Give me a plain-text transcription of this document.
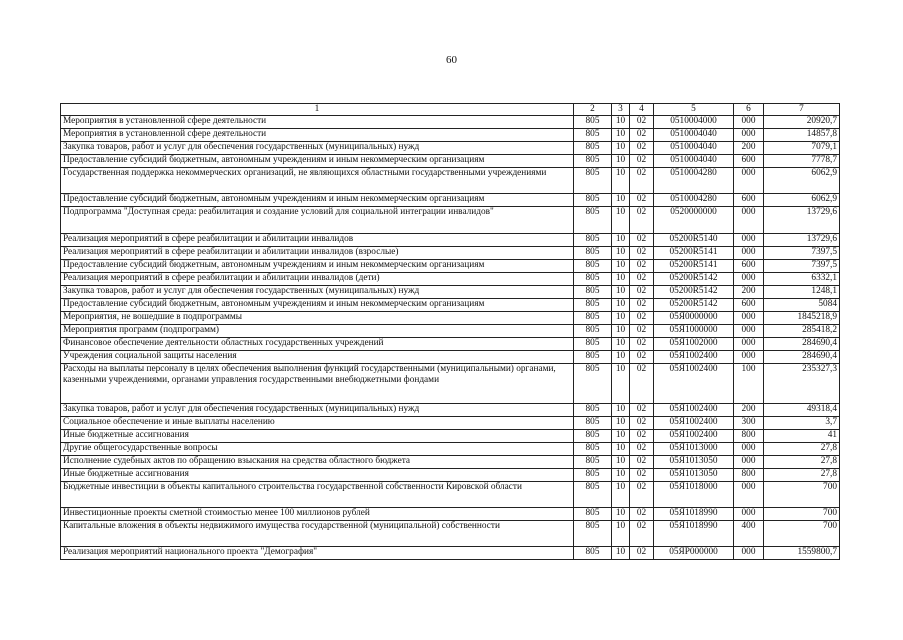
60
1	2	3	4	5	6	7
Мероприятия в установленной сфере деятельности	805	10	02	0510004000	000	20920,7
Мероприятия в установленной сфере деятельности	805	10	02	0510004040	000	14857,8
Закупка товаров, работ и услуг для обеспечения государственных (муниципальных) нужд	805	10	02	0510004040	200	7079,1
Предоставление субсидий бюджетным, автономным учреждениям и иным некоммерческим организациям	805	10	02	0510004040	600	7778,7
Государственная поддержка некоммерческих организаций, не являющихся областными государственными учреждениями	805	10	02	0510004280	000	6062,9
Предоставление субсидий бюджетным, автономным учреждениям и иным некоммерческим организациям	805	10	02	0510004280	600	6062,9
Подпрограмма "Доступная среда: реабилитация и создание условий для социальной интеграции инвалидов"	805	10	02	0520000000	000	13729,6
Реализация мероприятий в сфере реабилитации и абилитации инвалидов	805	10	02	05200R5140	000	13729,6
Реализация мероприятий в сфере реабилитации и абилитации инвалидов (взрослые)	805	10	02	05200R5141	000	7397,5
Предоставление субсидий бюджетным, автономным учреждениям и иным некоммерческим организациям	805	10	02	05200R5141	600	7397,5
Реализация мероприятий в сфере реабилитации и абилитации инвалидов (дети)	805	10	02	05200R5142	000	6332,1
Закупка товаров, работ и услуг для обеспечения государственных (муниципальных) нужд	805	10	02	05200R5142	200	1248,1
Предоставление субсидий бюджетным, автономным учреждениям и иным некоммерческим организациям	805	10	02	05200R5142	600	5084
Мероприятия, не вошедшие в подпрограммы	805	10	02	05Я0000000	000	1845218,9
Мероприятия программ (подпрограмм)	805	10	02	05Я1000000	000	285418,2
Финансовое обеспечение деятельности областных государственных учреждений	805	10	02	05Я1002000	000	284690,4
Учреждения социальной защиты населения	805	10	02	05Я1002400	000	284690,4
Расходы на выплаты персоналу в целях обеспечения выполнения функций государственными (муниципальными) органами, казенными учреждениями, органами управления государственными внебюджетными фондами	805	10	02	05Я1002400	100	235327,3
Закупка товаров, работ и услуг для обеспечения государственных (муниципальных) нужд	805	10	02	05Я1002400	200	49318,4
Социальное обеспечение и иные выплаты населению	805	10	02	05Я1002400	300	3,7
Иные бюджетные ассигнования	805	10	02	05Я1002400	800	41
Другие общегосударственные вопросы	805	10	02	05Я1013000	000	27,8
Исполнение судебных актов по обращению взыскания на средства областного бюджета	805	10	02	05Я1013050	000	27,8
Иные бюджетные ассигнования	805	10	02	05Я1013050	800	27,8
Бюджетные инвестиции в объекты капитального строительства государственной собственности Кировской области	805	10	02	05Я1018000	000	700
Инвестиционные проекты сметной стоимостью менее 100 миллионов рублей	805	10	02	05Я1018990	000	700
Капитальные вложения в объекты недвижимого имущества государственной (муниципальной) собственности	805	10	02	05Я1018990	400	700
Реализация мероприятий национального проекта "Демография"	805	10	02	05ЯР000000	000	1559800,7
